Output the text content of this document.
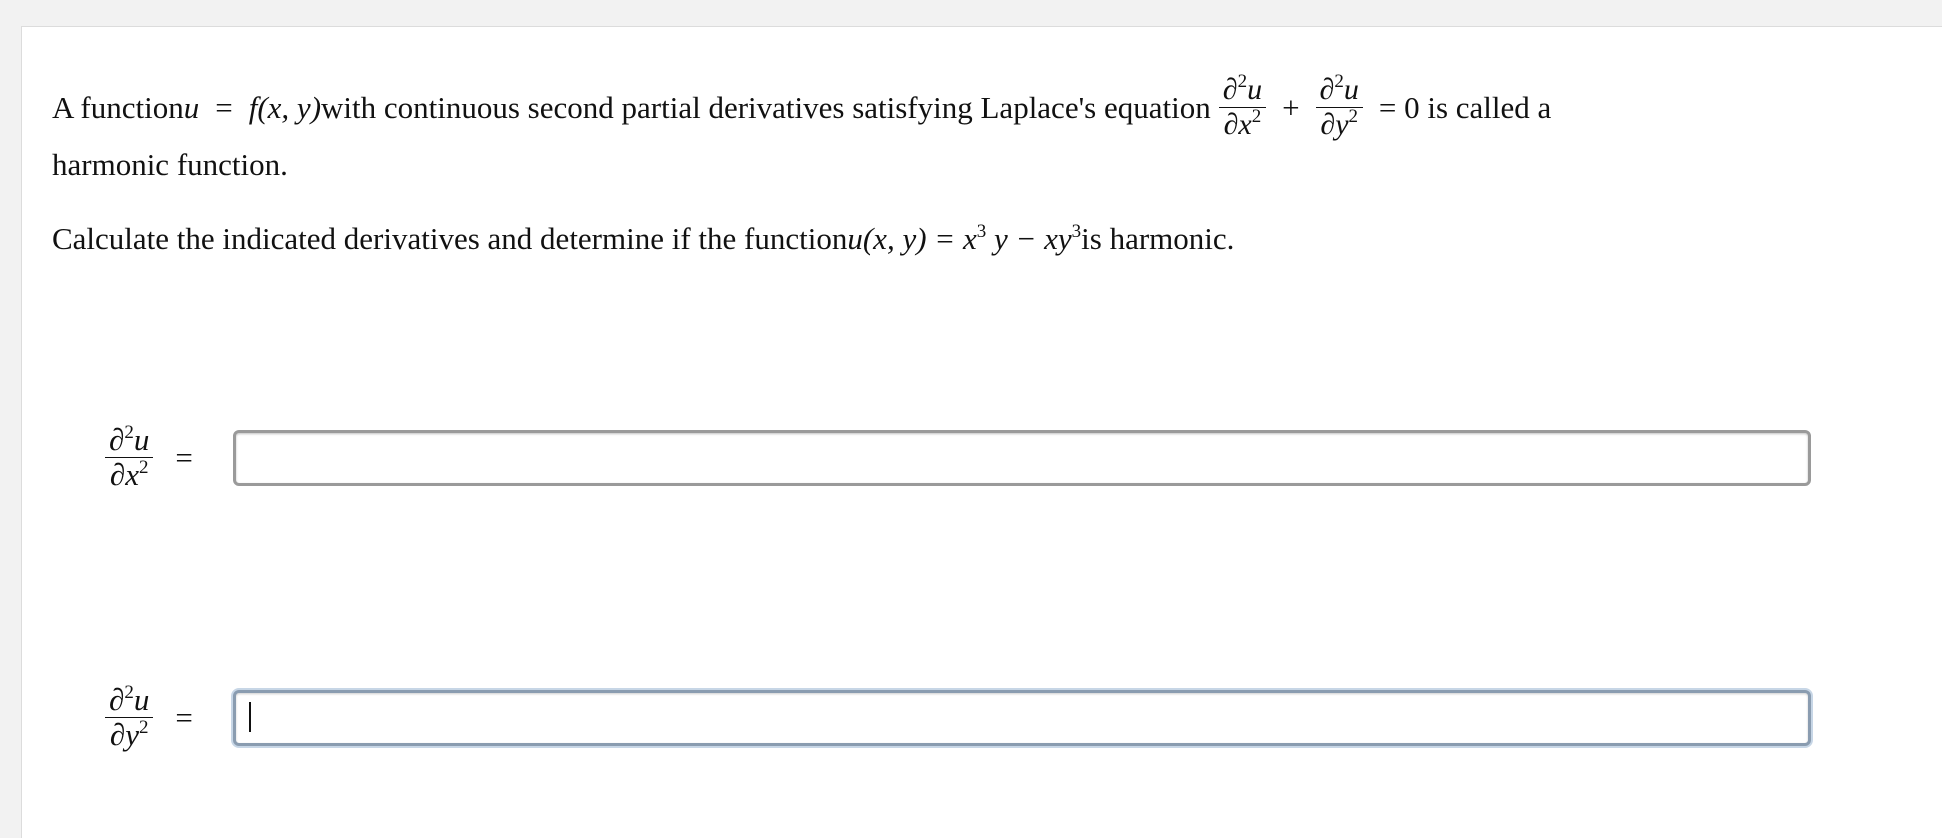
A function u = f(x, y) with continuous second partial derivatives satisfying Laplace's equation $\frac{\partial^2u}{\partial x^2} + \frac{\partial^2u}{\partial y^2} = 0$ is called a
harmonic function.
Calculate the indicated derivatives and determine if the function u(x, $y) = x^3$ $y - xy^3$ is harmonic.
$\frac{\partial^2u}{\partial x^2}$ =
$\frac{\partial^2u}{\partial y^2}$ =
